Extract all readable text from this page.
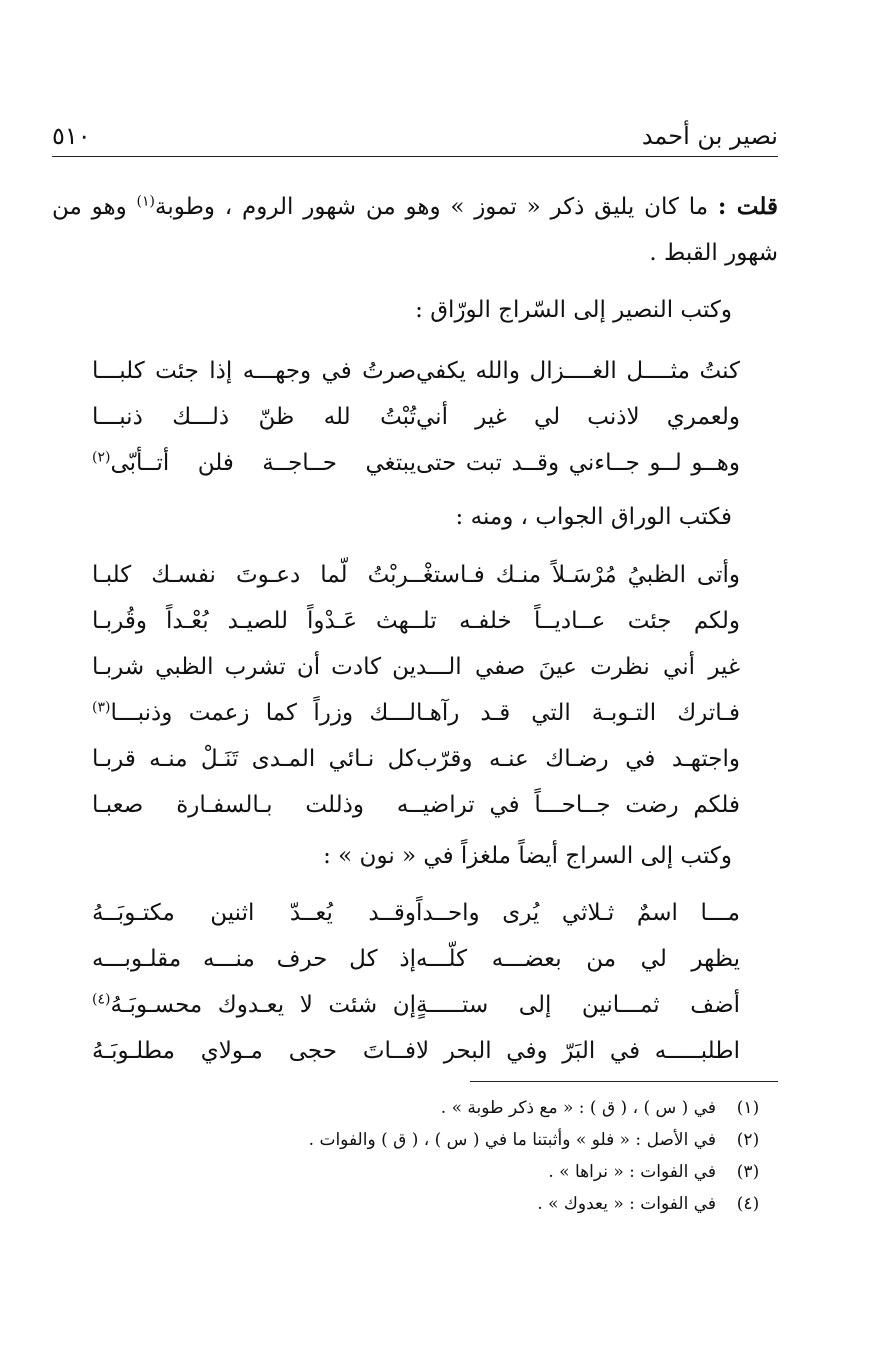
نصير بن أحمد
٥١٠
قلت : ما كان يليق ذكر « تموز » وهو من شهور الروم ، وطوبة$^{(١)}$ وهو من شهور القبط .
وكتب النصير إلى السّراج الورّاق :
كنتُ مثــــل الغــــزال والله يكفي
صرتُ في وجهـــه إذا جئت كلبـــا
ولعمري لاذنب لي غير أني
تُبْتُ لله ظنّ ذلـــك ذنبـــا
وهــو لــو جــاءني وقــد تبت حتى
يبتغي حــاجــة فلن أتــأبّى$^{(٢)}$
فكتب الوراق الجواب ، ومنه :
وأتى الظبيُ مُرْسَـلاً منـك فـاستغْـ
ـربْتُ لّما دعـوتَ نفسـك كلبـا
ولكم جئت عــاديــاً خلفـه تلـ
ـهث عَـدْواً للصيـد بُعْـداً وقُربـا
غير أني نظرت عينَ صفي الـــد
ين كادت أن تشرب الظبي شربـا
فـاترك التـوبـة التي قـد رآهـا
لـــك وزراً كما زعمت وذنبـــا$^{(٣)}$
واجتهـد في رضـاك عنـه وقرّب
كل نـائي المـدى تَنَـلْ منـه قربـا
فلكم رضت جــاحـــاً في تراضيـ
ـه وذللت بـالسفـارة صعبـا
وكتب إلى السراج أيضاً ملغزاً في « نون » :
مـــا اسمٌ ثـلاثي يُرى واحــداً
وقــد يُعــدّ اثنين مكتـوبَــهُ
يظهر لي من بعضـــه كلّـــه
إذ كل حرف منـــه مقلـوبـــه
أضف ثمـــانين إلى ستـــــةٍ
إن شئت لا يعـدوك محسـوبَـهُ$^{(٤)}$
اطلبـــــه في البَرّ وفي البحر لا
فــاتَ حجى مـولاي مطلـوبَـهُ
(١)
في ( س ) ، ( ق ) : « مع ذكر طوبة » .
(٢)
في الأصل : « فلو » وأثبتنا ما في ( س ) ، ( ق ) والفوات .
(٣)
في الفوات : « نراها » .
(٤)
في الفوات : « يعدوك » .
